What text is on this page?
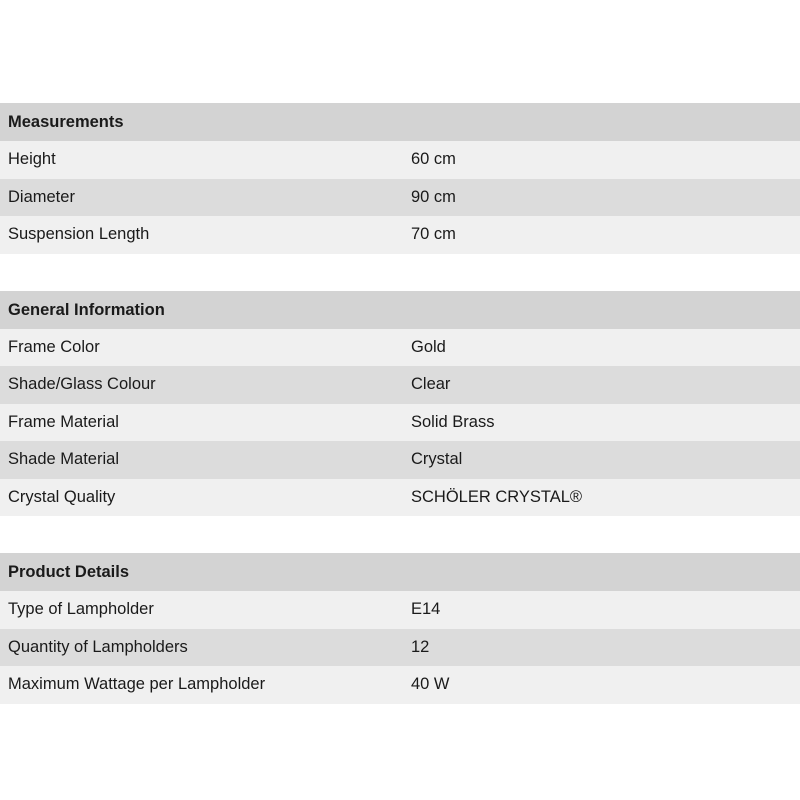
Measurements
Height	60 cm
Diameter	90 cm
Suspension Length	70 cm
General Information
Frame Color	Gold
Shade/Glass Colour	Clear
Frame Material	Solid Brass
Shade Material	Crystal
Crystal Quality	SCHÖLER CRYSTAL®
Product Details
Type of Lampholder	E14
Quantity of Lampholders	12
Maximum Wattage per Lampholder	40 W
